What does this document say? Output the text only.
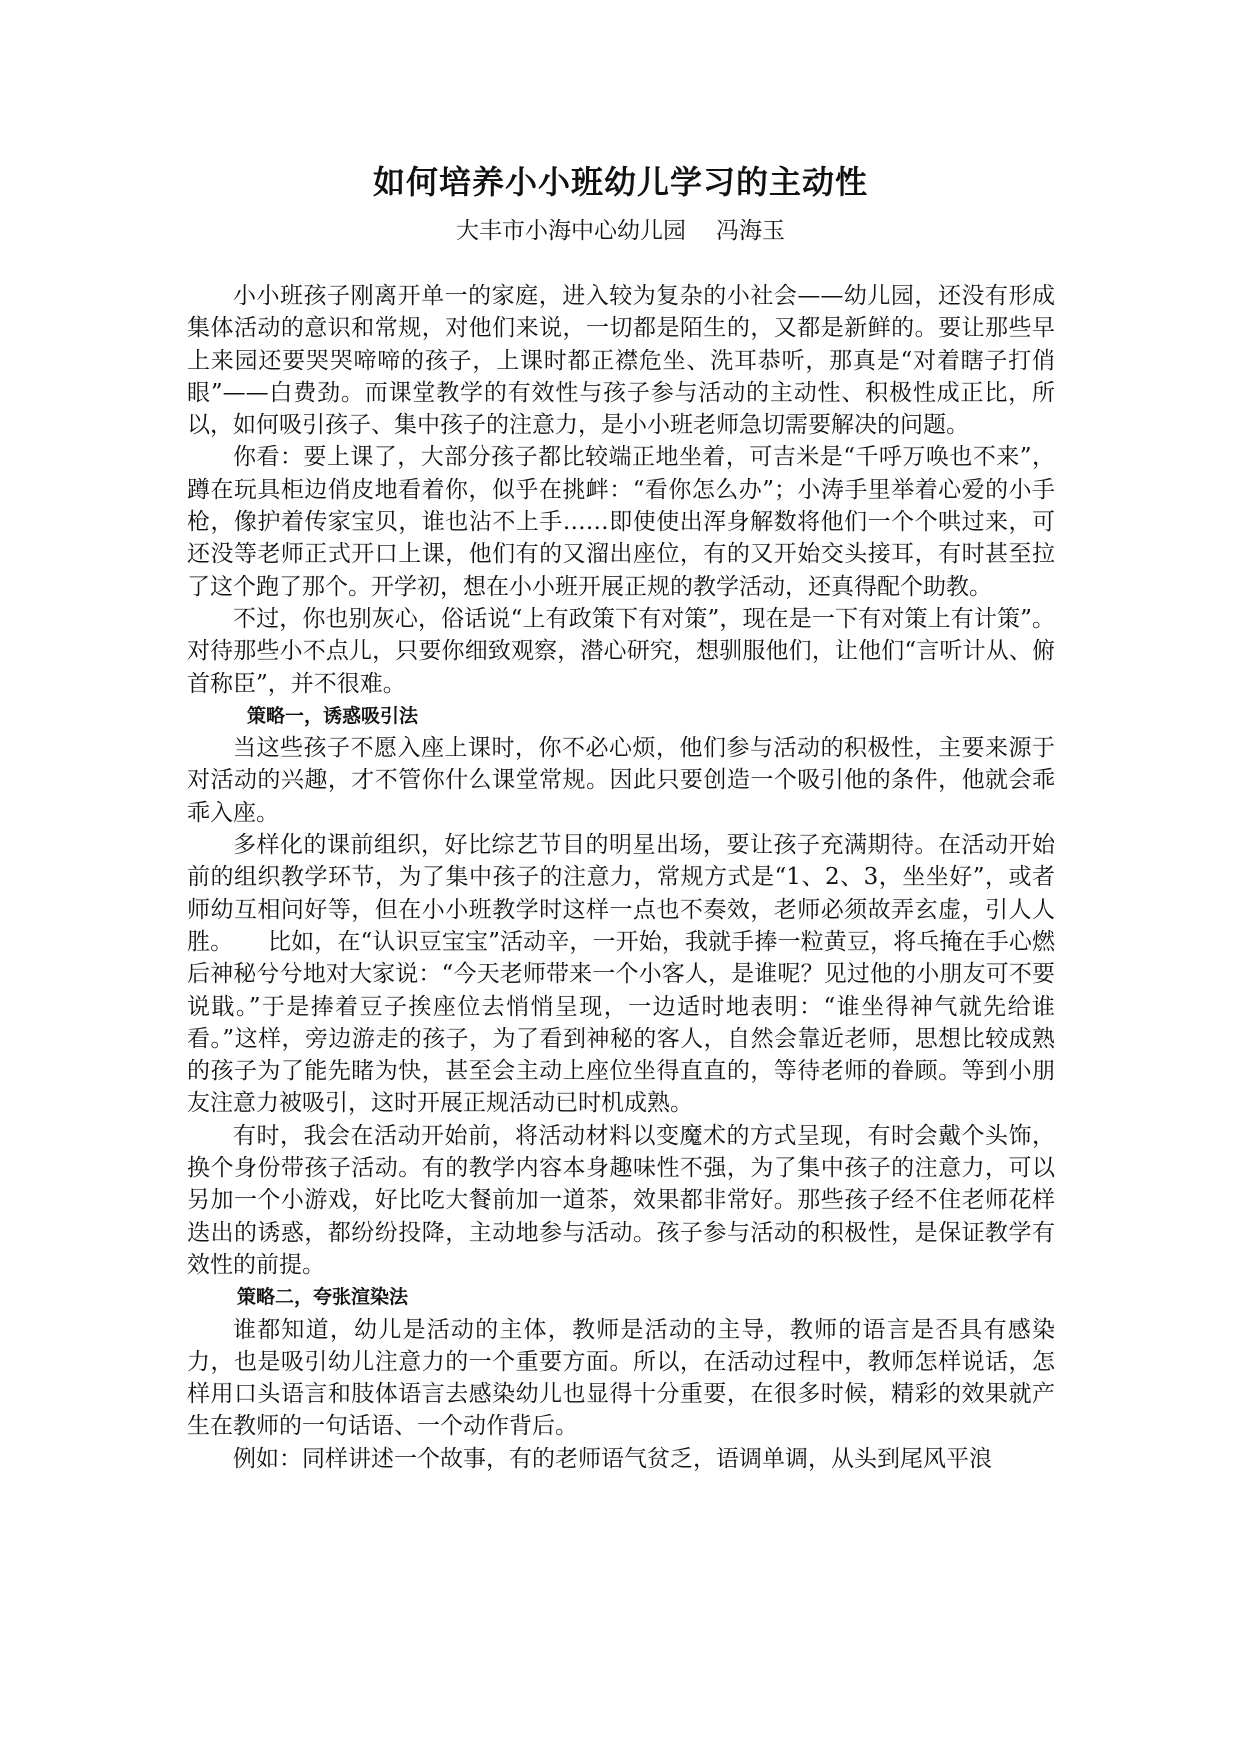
如何培养小小班幼儿学习的主动性
大丰市小海中心幼儿园 冯海玉

小小班孩子刚离开单一的家庭，进入较为复杂的小社会——幼儿园，还没有形成集体活动的意识和常规，对他们来说，一切都是陌生的，又都是新鲜的。要让那些早上来园还要哭哭啼啼的孩子，上课时都正襟危坐、洗耳恭听，那真是“对着瞎子打俏眼”——白费劲。而课堂教学的有效性与孩子参与活动的主动性、积极性成正比，所以，如何吸引孩子、集中孩子的注意力，是小小班老师急切需要解决的问题。

你看：要上课了，大部分孩子都比较端正地坐着，可吉米是“千呼万唤也不来”，蹲在玩具柜边俏皮地看着你，似乎在挑衅：“看你怎么办”；小涛手里举着心爱的小手枪，像护着传家宝贝，谁也沾不上手……即使使出浑身解数将他们一个个哄过来，可还没等老师正式开口上课，他们有的又溜出座位，有的又开始交头接耳，有时甚至拉了这个跑了那个。开学初，想在小小班开展正规的教学活动，还真得配个助教。

不过，你也别灰心，俗话说“上有政策下有对策”，现在是一下有对策上有计策”。对待那些小不点儿，只要你细致观察，潜心研究，想驯服他们，让他们“言听计从、俯首称臣”，并不很难。

策略一，诱惑吸引法

当这些孩子不愿入座上课时，你不必心烦，他们参与活动的积极性，主要来源于对活动的兴趣，才不管你什么课堂常规。因此只要创造一个吸引他的条件，他就会乖乖入座。

多样化的课前组织，好比综艺节目的明星出场，要让孩子充满期待。在活动开始前的组织教学环节，为了集中孩子的注意力，常规方式是“1、2、3，坐坐好”，或者师幼互相问好等，但在小小班教学时这样一点也不奏效，老师必须故弄玄虚，引人人胜。　　比如，在“认识豆宝宝”活动辛，一开始，我就手捧一粒黄豆，将乓掩在手心燃后神秘兮兮地对大家说：“今天老师带来一个小客人，是谁呢？见过他的小朋友可不要说戢。”于是捧着豆子挨座位去悄悄呈现，一边适时地表明：“谁坐得神气就先给谁看。”这样，旁边游走的孩子，为了看到神秘的客人，自然会靠近老师，思想比较成熟的孩子为了能先睹为快，甚至会主动上座位坐得直直的，等待老师的眷顾。等到小朋友注意力被吸引，这时开展正规活动已时机成熟。

有时，我会在活动开始前，将活动材料以变魔术的方式呈现，有时会戴个头饰，换个身份带孩子活动。有的教学内容本身趣味性不强，为了集中孩子的注意力，可以另加一个小游戏，好比吃大餐前加一道茶，效果都非常好。那些孩子经不住老师花样迭出的诱惑，都纷纷投降，主动地参与活动。孩子参与活动的积极性，是保证教学有效性的前提。

策略二，夸张渲染法

谁都知道，幼儿是活动的主体，教师是活动的主导，教师的语言是否具有感染力，也是吸引幼儿注意力的一个重要方面。所以，在活动过程中，教师怎样说话，怎样用口头语言和肢体语言去感染幼儿也显得十分重要，在很多时候，精彩的效果就产生在教师的一句话语、一个动作背后。

例如：同样讲述一个故事，有的老师语气贫乏，语调单调，从头到尾风平浪
